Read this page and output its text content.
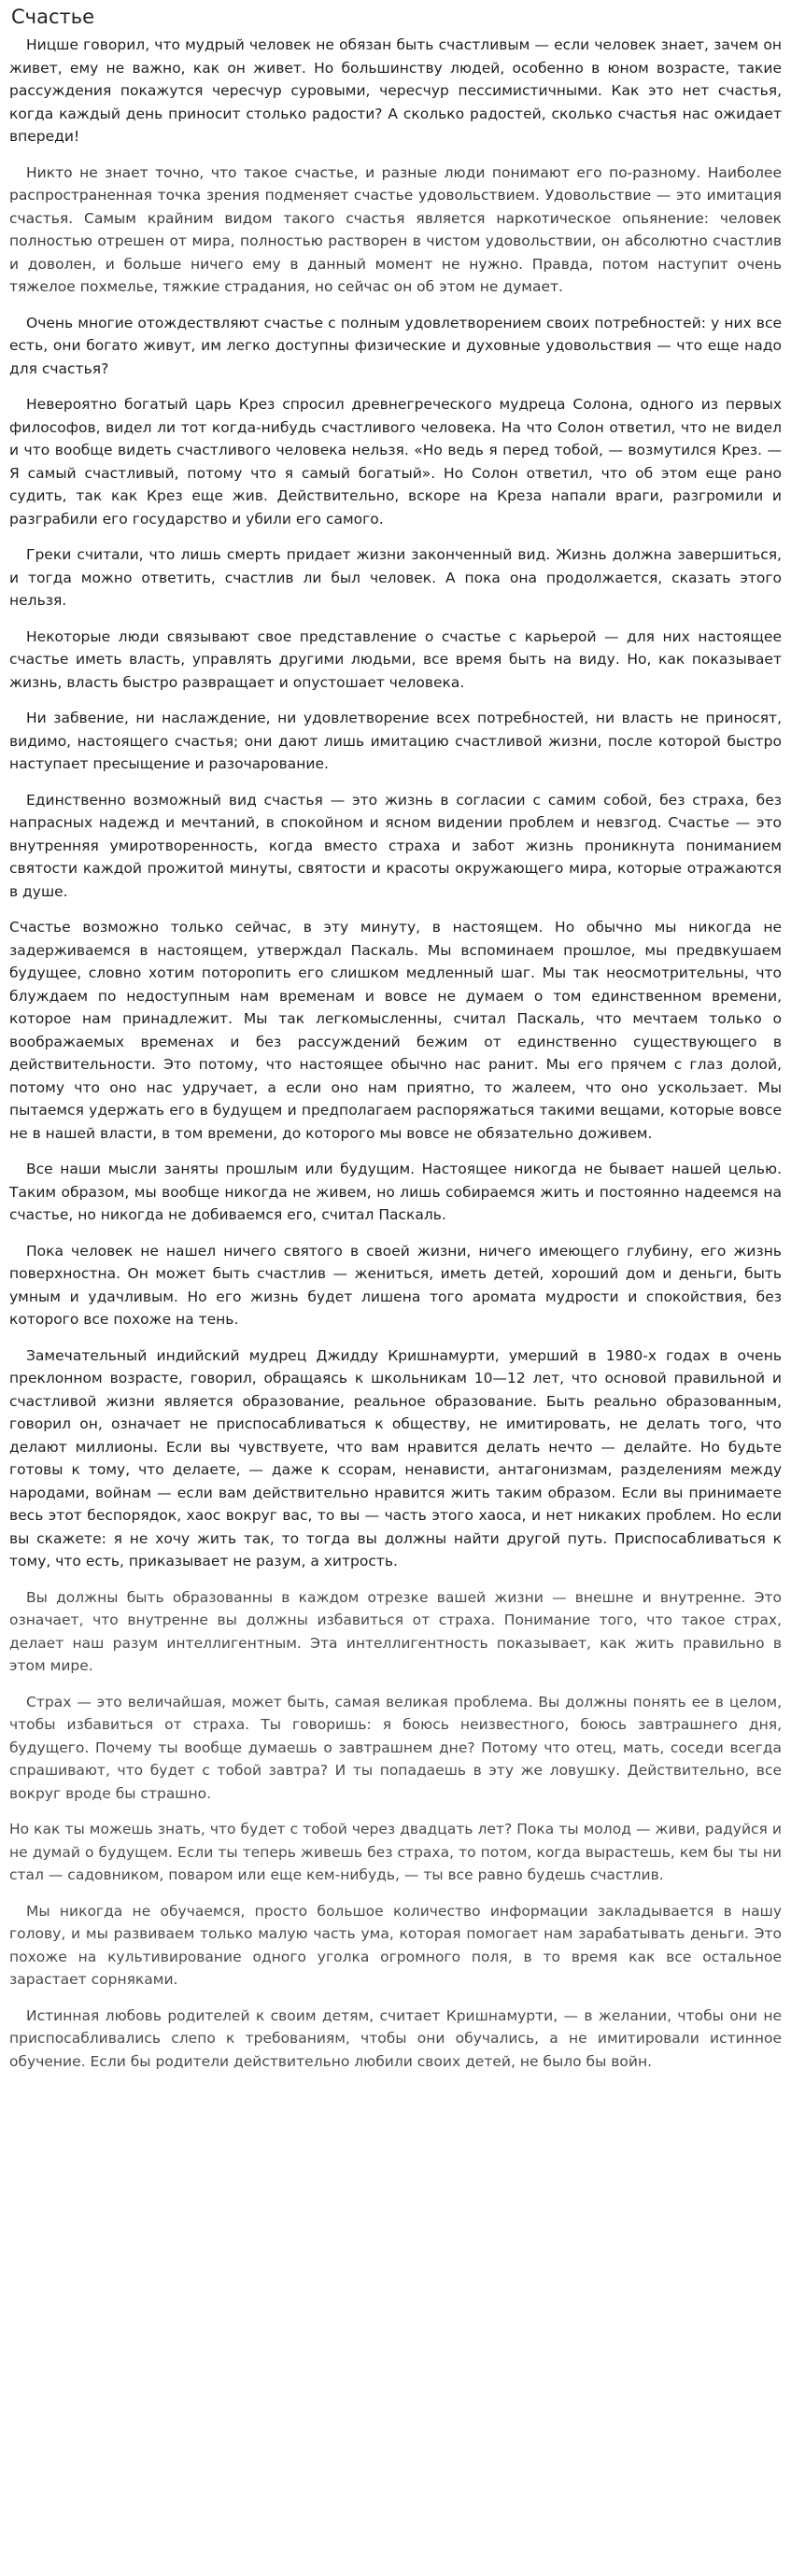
Счастье

Ницше говорил, что мудрый человек не обязан быть счастливым — если человек знает, зачем он живет, ему не важно, как он живет. Но большинству людей, особенно в юном возрасте, такие рассуждения покажутся чересчур суровыми, чересчур пессимистичными. Как это нет счастья, когда каждый день приносит столько радости? А сколько радостей, сколько счастья нас ожидает впереди!

Никто не знает точно, что такое счастье, и разные люди понимают его по-разному. Наиболее распространенная точка зрения подменяет счастье удовольствием. Удовольствие — это имитация счастья. Самым крайним видом такого счастья является наркотическое опьянение: человек полностью отрешен от мира, полностью растворен в чистом удовольствии, он абсолютно счастлив и доволен, и больше ничего ему в данный момент не нужно. Правда, потом наступит очень тяжелое похмелье, тяжкие страдания, но сейчас он об этом не думает.

Очень многие отождествляют счастье с полным удовлетворением своих потребностей: у них все есть, они богато живут, им легко доступны физические и духовные удовольствия — что еще надо для счастья?

Невероятно богатый царь Крез спросил древнегреческого мудреца Солона, одного из первых философов, видел ли тот когда-нибудь счастливого человека. На что Солон ответил, что не видел и что вообще видеть счастливого человека нельзя. «Но ведь я перед тобой, — возмутился Крез. — Я самый счастливый, потому что я самый богатый». Но Солон ответил, что об этом еще рано судить, так как Крез еще жив. Действительно, вскоре на Креза напали враги, разгромили и разграбили его государство и убили его самого.

Греки считали, что лишь смерть придает жизни законченный вид. Жизнь должна завершиться, и тогда можно ответить, счастлив ли был человек. А пока она продолжается, сказать этого нельзя.

Некоторые люди связывают свое представление о счастье с карьерой — для них настоящее счастье иметь власть, управлять другими людьми, все время быть на виду. Но, как показывает жизнь, власть быстро развращает и опустошает человека.

Ни забвение, ни наслаждение, ни удовлетворение всех потребностей, ни власть не приносят, видимо, настоящего счастья; они дают лишь имитацию счастливой жизни, после которой быстро наступает пресыщение и разочарование.

Единственно возможный вид счастья — это жизнь в согласии с самим собой, без страха, без напрасных надежд и мечтаний, в спокойном и ясном видении проблем и невзгод. Счастье — это внутренняя умиротворенность, когда вместо страха и забот жизнь проникнута пониманием святости каждой прожитой минуты, святости и красоты окружающего мира, которые отражаются в душе.

Счастье возможно только сейчас, в эту минуту, в настоящем. Но обычно мы никогда не задерживаемся в настоящем, утверждал Паскаль. Мы вспоминаем прошлое, мы предвкушаем будущее, словно хотим поторопить его слишком медленный шаг. Мы так неосмотрительны, что блуждаем по недоступным нам временам и вовсе не думаем о том единственном времени, которое нам принадлежит. Мы так легкомысленны, считал Паскаль, что мечтаем только о воображаемых временах и без рассуждений бежим от единственно существующего в действительности. Это потому, что настоящее обычно нас ранит. Мы его прячем с глаз долой, потому что оно нас удручает, а если оно нам приятно, то жалеем, что оно ускользает. Мы пытаемся удержать его в будущем и предполагаем распоряжаться такими вещами, которые вовсе не в нашей власти, в том времени, до которого мы вовсе не обязательно доживем.

Все наши мысли заняты прошлым или будущим. Настоящее никогда не бывает нашей целью. Таким образом, мы вообще никогда не живем, но лишь собираемся жить и постоянно надеемся на счастье, но никогда не добиваемся его, считал Паскаль.

Пока человек не нашел ничего святого в своей жизни, ничего имеющего глубину, его жизнь поверхностна. Он может быть счастлив — жениться, иметь детей, хороший дом и деньги, быть умным и удачливым. Но его жизнь будет лишена того аромата мудрости и спокойствия, без которого все похоже на тень.

Замечательный индийский мудрец Джидду Кришнамурти, умерший в 1980-х годах в очень преклонном возрасте, говорил, обращаясь к школьникам 10—12 лет, что основой правильной и счастливой жизни является образование, реальное образование. Быть реально образованным, говорил он, означает не приспосабливаться к обществу, не имитировать, не делать того, что делают миллионы. Если вы чувствуете, что вам нравится делать нечто — делайте. Но будьте готовы к тому, что делаете, — даже к ссорам, ненависти, антагонизмам, разделениям между народами, войнам — если вам действительно нравится жить таким образом. Если вы принимаете весь этот беспорядок, хаос вокруг вас, то вы — часть этого хаоса, и нет никаких проблем. Но если вы скажете: я не хочу жить так, то тогда вы должны найти другой путь. Приспосабливаться к тому, что есть, приказывает не разум, а хитрость.

Вы должны быть образованны в каждом отрезке вашей жизни — внешне и внутренне. Это означает, что внутренне вы должны избавиться от страха. Понимание того, что такое страх, делает наш разум интеллигентным. Эта интеллигентность показывает, как жить правильно в этом мире.

Страх — это величайшая, может быть, самая великая проблема. Вы должны понять ее в целом, чтобы избавиться от страха. Ты говоришь: я боюсь неизвестного, боюсь завтрашнего дня, будущего. Почему ты вообще думаешь о завтрашнем дне? Потому что отец, мать, соседи всегда спрашивают, что будет с тобой завтра? И ты попадаешь в эту же ловушку. Действительно, все вокруг вроде бы страшно.

Но как ты можешь знать, что будет с тобой через двадцать лет? Пока ты молод — живи, радуйся и не думай о будущем. Если ты теперь живешь без страха, то потом, когда вырастешь, кем бы ты ни стал — садовником, поваром или еще кем-нибудь, — ты все равно будешь счастлив.

Мы никогда не обучаемся, просто большое количество информации закладывается в нашу голову, и мы развиваем только малую часть ума, которая помогает нам зарабатывать деньги. Это похоже на культивирование одного уголка огромного поля, в то время как все остальное зарастает сорняками.

Истинная любовь родителей к своим детям, считает Кришнамурти, — в желании, чтобы они не приспосабливались слепо к требованиям, чтобы они обучались, а не имитировали истинное обучение. Если бы родители действительно любили своих детей, не было бы войн.
